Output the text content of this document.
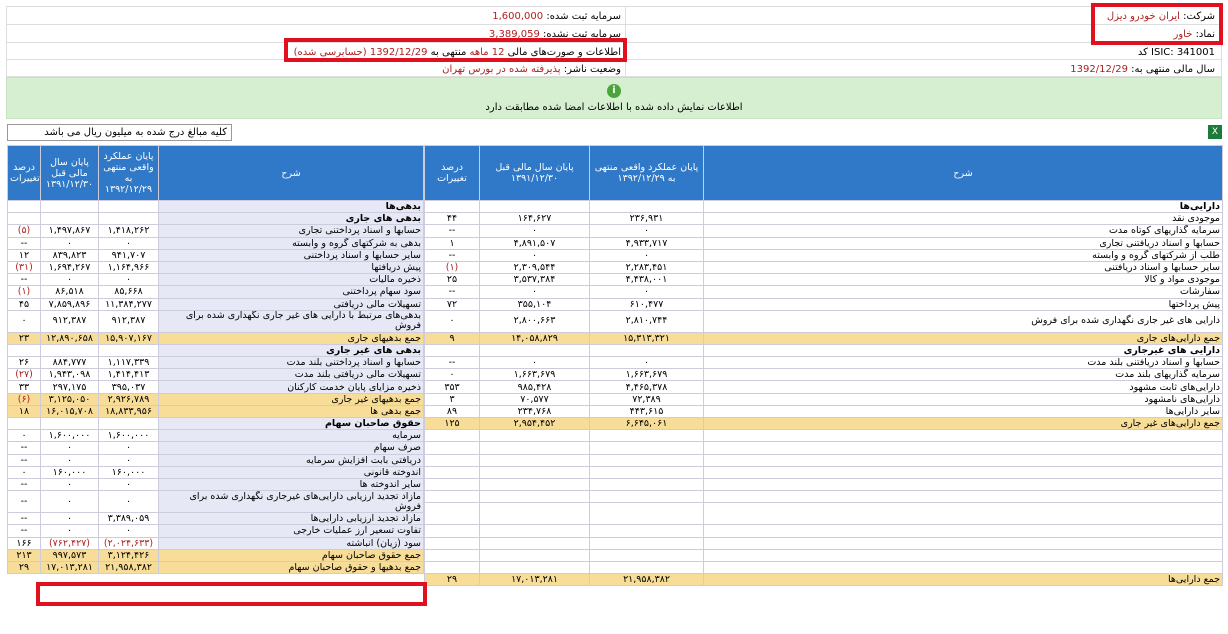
شرکت: ایران خودرو دیزل
نماد: خاور
کد ISIC: 341001
سال مالی منتهی به: 1392/12/29
سرمایه ثبت شده: 1,600,000
سرمایه ثبت نشده: 3,389,059
اطلاعات و صورت‌های مالی 12 ماهه منتهی به 1392/12/29 (حسابرسی شده)
وضعیت ناشر: پذیرفته شده در بورس تهران
i
اطلاعات نمایش داده شده با اطلاعات امضا شده مطابقت دارد
کلیه مبالغ درج شده به میلیون ریال می باشد	X
درصد تغییرات	پایان سال مالی قبل ۱۳۹۱/۱۲/۳۰	پایان عملکرد واقعی منتهی به ۱۳۹۲/۱۲/۲۹	شرح
			بدهی‌ها
			بدهی های جاری
(۵)	۱,۴۹۷,۸۶۷	۱,۴۱۸,۲۶۲	حسابها و اسناد پرداختنی تجاری
--	۰	۰	بدهی به شرکتهای گروه و وابسته
۱۲	۸۳۹,۸۲۳	۹۴۱,۷۰۷	سایر حسابها و اسناد پرداختنی
(۳۱)	۱,۶۹۴,۲۶۷	۱,۱۶۴,۹۶۶	پیش دریافتها
--	۰	۰	ذخیره مالیات
(۱)	۸۶,۵۱۸	۸۵,۶۶۸	سود سهام پرداختنی
۴۵	۷,۸۵۹,۸۹۶	۱۱,۳۸۴,۲۷۷	تسهیلات مالی دریافتی
۰	۹۱۲,۳۸۷	۹۱۲,۳۸۷	بدهی‌های مرتبط با دارایی های غیر جاری نگهداری شده برای فروش
۲۳	۱۲,۸۹۰,۶۵۸	۱۵,۹۰۷,۱۶۷	جمع بدهیهای جاری
			بدهی های غیر جاری
۲۶	۸۸۴,۷۷۷	۱,۱۱۷,۳۳۹	حسابها و اسناد پرداختنی بلند مدت
(۲۷)	۱,۹۴۳,۰۹۸	۱,۴۱۴,۴۱۳	تسهیلات مالی دریافتی بلند مدت
۳۳	۲۹۷,۱۷۵	۳۹۵,۰۳۷	ذخیره مزایای پایان خدمت کارکنان
(۶)	۳,۱۲۵,۰۵۰	۲,۹۲۶,۷۸۹	جمع بدهیهای غیر جاری
۱۸	۱۶,۰۱۵,۷۰۸	۱۸,۸۳۳,۹۵۶	جمع بدهی ها
			حقوق صاحبان سهام
۰	۱,۶۰۰,۰۰۰	۱,۶۰۰,۰۰۰	سرمایه
--	۰	۰	صرف سهام
--	۰	۰	دریافتی بابت افزایش سرمایه
۰	۱۶۰,۰۰۰	۱۶۰,۰۰۰	اندوخته قانونی
--	۰	۰	سایر اندوخته ها
--	۰	۰	مازاد تجدید ارزیابی دارایی‌های غیرجاری نگهداری شده برای فروش
--	۰	۳,۳۸۹,۰۵۹	مازاد تجدید ارزیابی دارایی‌ها
--	۰	۰	تفاوت تسعیر ارز عملیات خارجی
۱۶۶	(۷۶۲,۴۲۷)	(۲,۰۲۴,۶۳۳)	سود (زیان) انباشته
۲۱۳	۹۹۷,۵۷۳	۳,۱۲۴,۴۲۶	جمع حقوق صاحبان سهام
۲۹	۱۷,۰۱۳,۲۸۱	۲۱,۹۵۸,۳۸۲	جمع بدهیها و حقوق صاحبان سهام
درصد تغییرات	پایان سال مالی قبل ۱۳۹۱/۱۲/۳۰	پایان عملکرد واقعی منتهی به ۱۳۹۲/۱۲/۲۹	شرح
			دارایی‌ها
۴۴	۱۶۴,۶۲۷	۲۳۶,۹۳۱	موجودی نقد
--	۰	۰	سرمایه گذاریهای کوتاه مدت
۱	۴,۸۹۱,۵۰۷	۴,۹۳۳,۷۱۷	حسابها و اسناد دریافتنی تجاری
--	۰	۰	طلب از شرکتهای گروه و وابسته
(۱)	۲,۳۰۹,۵۴۴	۲,۲۸۳,۴۵۱	سایر حسابها و اسناد دریافتنی
۲۵	۳,۵۳۷,۳۸۴	۴,۴۳۸,۰۰۱	موجودی مواد و کالا
--	۰	۰	سفارشات
۷۲	۳۵۵,۱۰۴	۶۱۰,۴۷۷	پیش پرداختها
۰	۲,۸۰۰,۶۶۳	۲,۸۱۰,۷۴۴	دارایی های غیر جاری نگهداری شده برای فروش
۹	۱۴,۰۵۸,۸۲۹	۱۵,۳۱۳,۳۲۱	جمع دارایی‌های جاری
			دارایی های غیرجاری
--	۰	۰	حسابها و اسناد دریافتنی بلند مدت
۰	۱,۶۶۳,۶۷۹	۱,۶۶۳,۶۷۹	سرمایه گذاریهای بلند مدت
۳۵۳	۹۸۵,۴۲۸	۴,۴۶۵,۳۷۸	دارایی‌های ثابت مشهود
۳	۷۰,۵۷۷	۷۲,۳۸۹	دارایی‌های نامشهود
۸۹	۲۳۴,۷۶۸	۴۴۳,۶۱۵	سایر دارایی‌ها
۱۲۵	۲,۹۵۴,۴۵۲	۶,۶۴۵,۰۶۱	جمع دارایی‌های غیر جاری

۲۹	۱۷,۰۱۳,۲۸۱	۲۱,۹۵۸,۳۸۲	جمع دارایی‌ها
